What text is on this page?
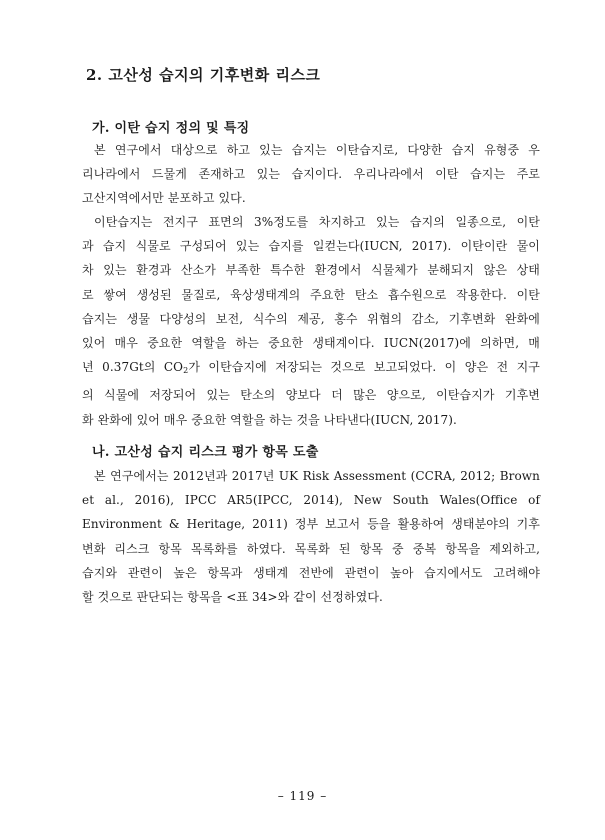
2. 고산성 습지의 기후변화 리스크
가. 이탄 습지 정의 및 특징
본 연구에서 대상으로 하고 있는 습지는 이탄습지로, 다양한 습지 유형중 우
리나라에서 드물게 존재하고 있는 습지이다. 우리나라에서 이탄 습지는 주로
고산지역에서만 분포하고 있다.
이탄습지는 전지구 표면의 3%정도를 차지하고 있는 습지의 일종으로, 이탄
과 습지 식물로 구성되어 있는 습지를 일컫는다(IUCN, 2017). 이탄이란 물이
차 있는 환경과 산소가 부족한 특수한 환경에서 식물체가 분해되지 않은 상태
로 쌓여 생성된 물질로, 육상생태계의 주요한 탄소 흡수원으로 작용한다. 이탄
습지는 생물 다양성의 보전, 식수의 제공, 홍수 위협의 감소, 기후변화 완화에
있어 매우 중요한 역할을 하는 중요한 생태계이다. IUCN(2017)에 의하면, 매
년 0.37Gt의 $CO_2$가 이탄습지에 저장되는 것으로 보고되었다. 이 양은 전 지구
의 식물에 저장되어 있는 탄소의 양보다 더 많은 양으로, 이탄습지가 기후변
화 완화에 있어 매우 중요한 역할을 하는 것을 나타낸다(IUCN, 2017).
나. 고산성 습지 리스크 평가 항목 도출
본 연구에서는 2012년과 2017년 UK Risk Assessment (CCRA, 2012; Brown
et al., 2016), IPCC AR5(IPCC, 2014), New South Wales(Office of
Environment & Heritage, 2011) 정부 보고서 등을 활용하여 생태분야의 기후
변화 리스크 항목 목록화를 하였다. 목록화 된 항목 중 중복 항목을 제외하고,
습지와 관련이 높은 항목과 생태계 전반에 관련이 높아 습지에서도 고려해야
할 것으로 판단되는 항목을 <표 34>와 같이 선정하였다.
– 119 –
